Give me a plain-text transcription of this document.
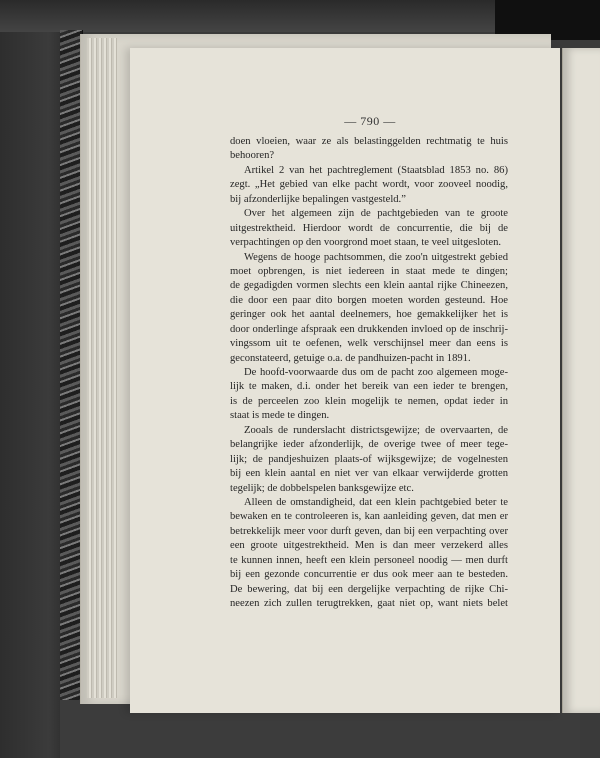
— 790 —
doen vloeien, waar ze als belastinggelden rechtmatig te huis
behooren?
Artikel 2 van het pachtreglement (Staatsblad 1853 no. 86)
zegt. „Het gebied van elke pacht wordt, voor zooveel noodig,
bij afzonderlijke bepalingen vastgesteld.”
Over het algemeen zijn de pachtgebieden van te groote
uitgestrektheid. Hierdoor wordt de concurrentie, die bij de
verpachtingen op den voorgrond moet staan, te veel uitgesloten.
Wegens de hooge pachtsommen, die zoo'n uitgestrekt gebied
moet opbrengen, is niet iedereen in staat mede te dingen;
de gegadigden vormen slechts een klein aantal rijke Chineezen,
die door een paar dito borgen moeten worden gesteund. Hoe
geringer ook het aantal deelnemers, hoe gemakkelijker het is
door onderlinge afspraak een drukkenden invloed op de inschrij-
vingssom uit te oefenen, welk verschijnsel meer dan eens is
geconstateerd, getuige o.a. de pandhuizen-pacht in 1891.
De hoofd-voorwaarde dus om de pacht zoo algemeen moge-
lijk te maken, d.i. onder het bereik van een ieder te brengen,
is de perceelen zoo klein mogelijk te nemen, opdat ieder in
staat is mede te dingen.
Zooals de runderslacht districtsgewijze; de overvaarten, de
belangrijke ieder afzonderlijk, de overige twee of meer tege-
lijk; de pandjeshuizen plaats-of wijksgewijze; de vogelnesten
bij een klein aantal en niet ver van elkaar verwijderde grotten
tegelijk; de dobbelspelen banksgewijze etc.
Alleen de omstandigheid, dat een klein pachtgebied beter te
bewaken en te controleeren is, kan aanleiding geven, dat men er
betrekkelijk meer voor durft geven, dan bij een verpachting over
een groote uitgestrektheid. Men is dan meer verzekerd alles
te kunnen innen, heeft een klein personeel noodig — men durft
bij een gezonde concurrentie er dus ook meer aan te besteden.
De bewering, dat bij een dergelijke verpachting de rijke Chi-
neezen zich zullen terugtrekken, gaat niet op, want niets belet
